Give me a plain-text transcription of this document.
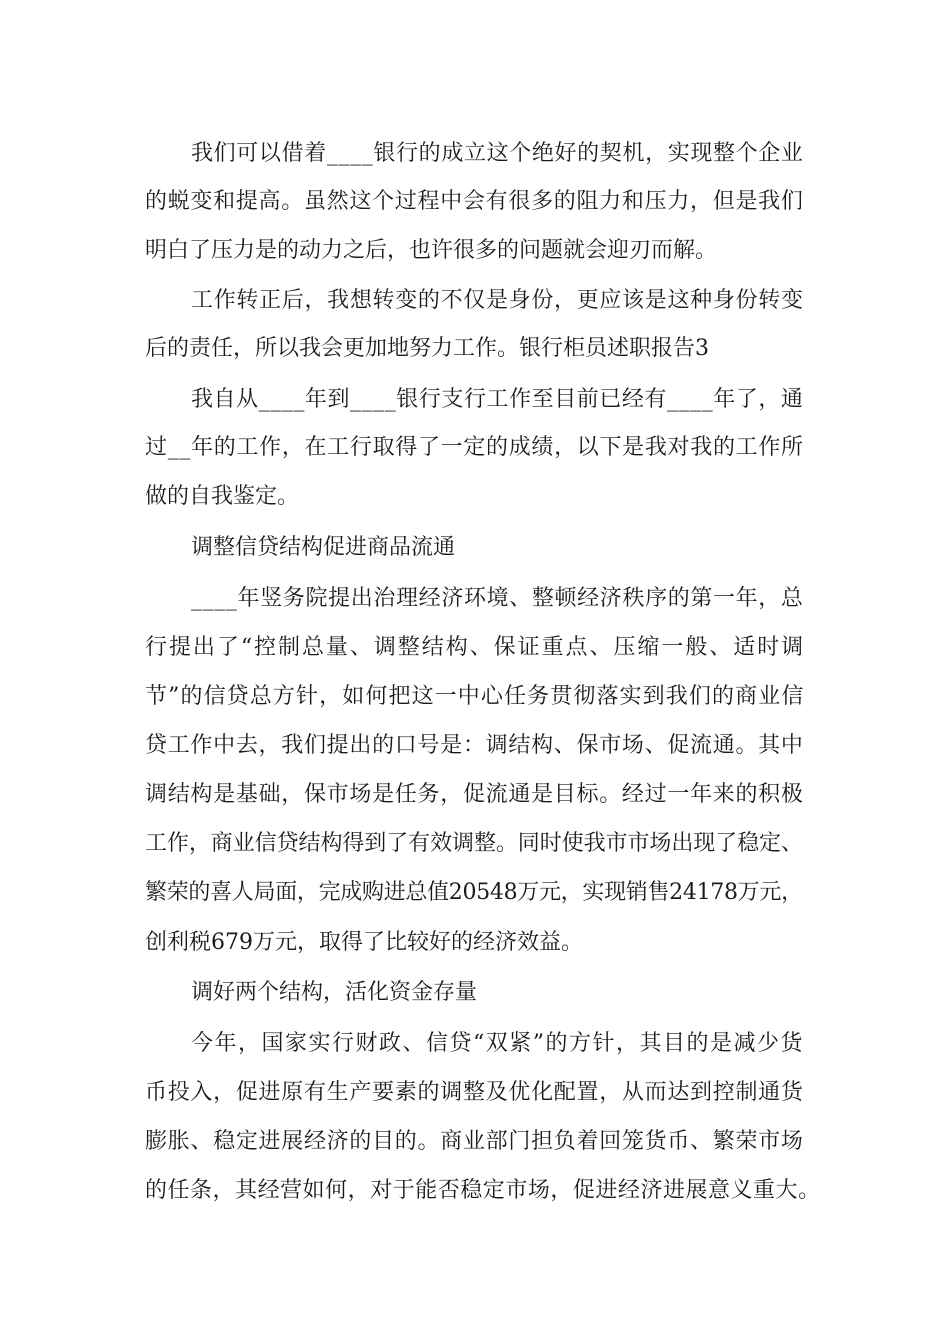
我们可以借着____银行的成立这个绝好的契机，实现整个企业
的蜕变和提高。虽然这个过程中会有很多的阻力和压力，但是我们
明白了压力是的动力之后，也许很多的问题就会迎刃而解。
工作转正后，我想转变的不仅是身份，更应该是这种身份转变
后的责任，所以我会更加地努力工作。银行柜员述职报告3
我自从____年到____银行支行工作至目前已经有____年了，通
过__年的工作，在工行取得了一定的成绩，以下是我对我的工作所
做的自我鉴定。
调整信贷结构促进商品流通
____年竖务院提出治理经济环境、整顿经济秩序的第一年，总
行提出了“控制总量、调整结构、保证重点、压缩一般、适时调
节”的信贷总方针，如何把这一中心任务贯彻落实到我们的商业信
贷工作中去，我们提出的口号是：调结构、保市场、促流通。其中
调结构是基础，保市场是任务，促流通是目标。经过一年来的积极
工作，商业信贷结构得到了有效调整。同时使我市市场出现了稳定、
繁荣的喜人局面，完成购进总值20548万元，实现销售24178万元，
创利税679万元，取得了比较好的经济效益。
调好两个结构，活化资金存量
今年，国家实行财政、信贷“双紧”的方针，其目的是减少货
币投入，促进原有生产要素的调整及优化配置，从而达到控制通货
膨胀、稳定进展经济的目的。商业部门担负着回笼货币、繁荣市场
的任条，其经营如何，对于能否稳定市场，促进经济进展意义重大。
